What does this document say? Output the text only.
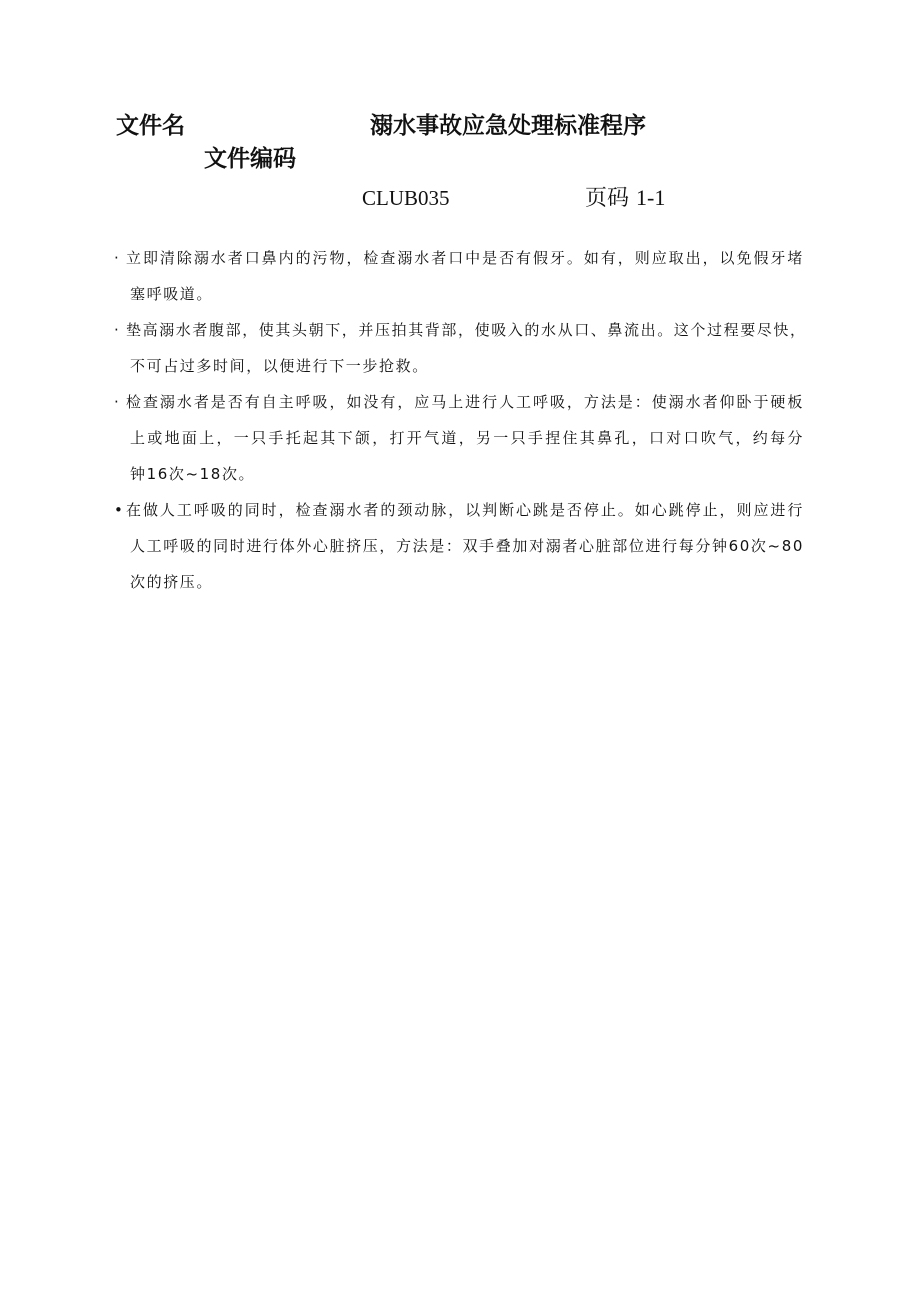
文件名	溺水事故应急处理标准程序
文件编码
CLUB035	页码 1-1

· 立即清除溺水者口鼻内的污物，检查溺水者口中是否有假牙。如有，则应取出，以免假牙堵
塞呼吸道。

· 垫高溺水者腹部，使其头朝下，并压拍其背部，使吸入的水从口、鼻流出。这个过程要尽快，
不可占过多时间，以便进行下一步抢救。

· 检查溺水者是否有自主呼吸，如没有，应马上进行人工呼吸，方法是：使溺水者仰卧于硬板
上或地面上，一只手托起其下颌，打开气道，另一只手捏住其鼻孔，口对口吹气，约每分
钟16次~18次。

• 在做人工呼吸的同时，检查溺水者的颈动脉，以判断心跳是否停止。如心跳停止，则应进行
人工呼吸的同时进行体外心脏挤压，方法是：双手叠加对溺者心脏部位进行每分钟60次~80
次的挤压。
